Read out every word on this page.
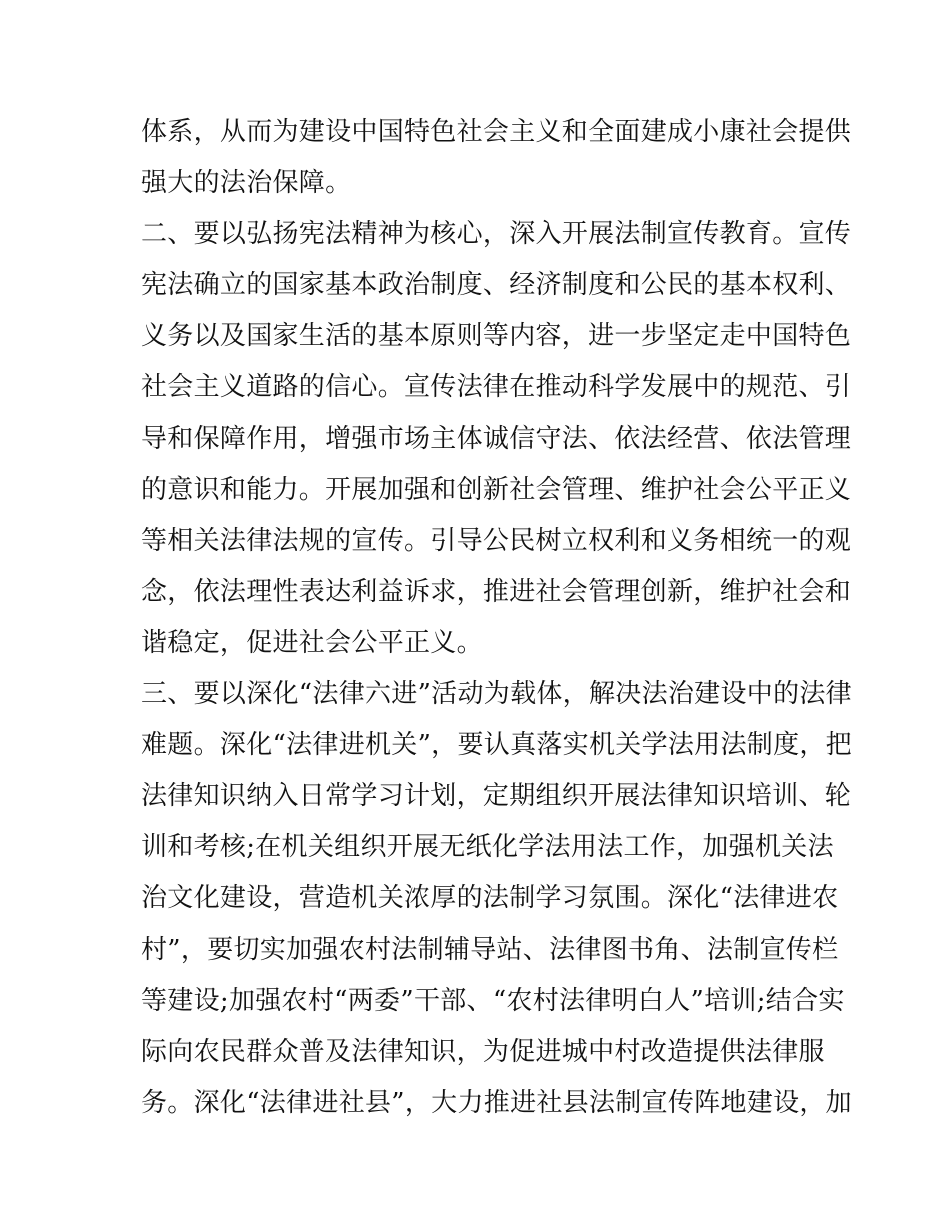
体系，从而为建设中国特色社会主义和全面建成小康社会提供
强大的法治保障。
二、要以弘扬宪法精神为核心，深入开展法制宣传教育。宣传
宪法确立的国家基本政治制度、经济制度和公民的基本权利、
义务以及国家生活的基本原则等内容，进一步坚定走中国特色
社会主义道路的信心。宣传法律在推动科学发展中的规范、引
导和保障作用，增强市场主体诚信守法、依法经营、依法管理
的意识和能力。开展加强和创新社会管理、维护社会公平正义
等相关法律法规的宣传。引导公民树立权利和义务相统一的观
念，依法理性表达利益诉求，推进社会管理创新，维护社会和
谐稳定，促进社会公平正义。
三、要以深化“法律六进”活动为载体，解决法治建设中的法律
难题。深化“法律进机关”，要认真落实机关学法用法制度，把
法律知识纳入日常学习计划，定期组织开展法律知识培训、轮
训和考核;在机关组织开展无纸化学法用法工作，加强机关法
治文化建设，营造机关浓厚的法制学习氛围。深化“法律进农
村”，要切实加强农村法制辅导站、法律图书角、法制宣传栏
等建设;加强农村“两委”干部、“农村法律明白人”培训;结合实
际向农民群众普及法律知识，为促进城中村改造提供法律服
务。深化“法律进社县”，大力推进社县法制宣传阵地建设，加
